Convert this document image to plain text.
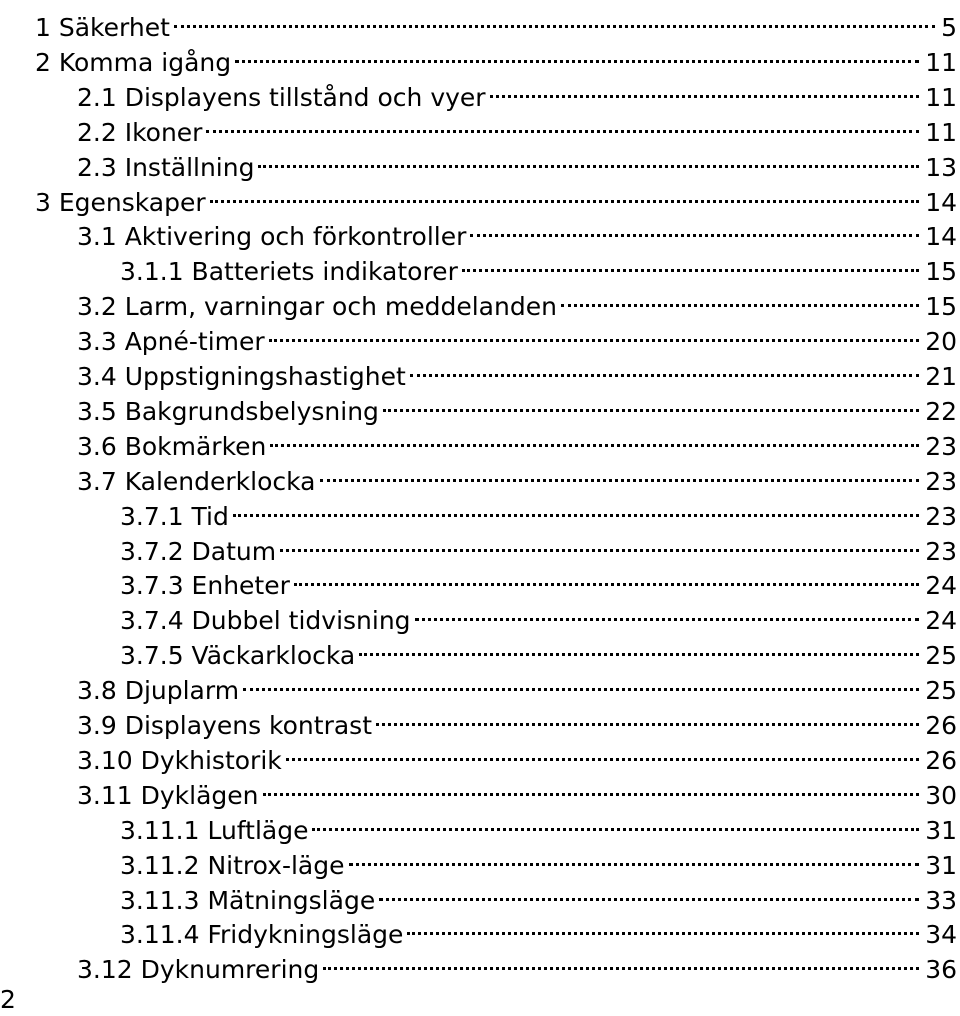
1 Säkerhet	5
2 Komma igång	11
2.1 Displayens tillstånd och vyer	11
2.2 Ikoner	11
2.3 Inställning	13
3 Egenskaper	14
3.1 Aktivering och förkontroller	14
3.1.1 Batteriets indikatorer	15
3.2 Larm, varningar och meddelanden	15
3.3 Apné-timer	20
3.4 Uppstigningshastighet	21
3.5 Bakgrundsbelysning	22
3.6 Bokmärken	23
3.7 Kalenderklocka	23
3.7.1 Tid	23
3.7.2 Datum	23
3.7.3 Enheter	24
3.7.4 Dubbel tidvisning	24
3.7.5 Väckarklocka	25
3.8 Djuplarm	25
3.9 Displayens kontrast	26
3.10 Dykhistorik	26
3.11 Dyklägen	30
3.11.1 Luftläge	31
3.11.2 Nitrox-läge	31
3.11.3 Mätningsläge	33
3.11.4 Fridykningsläge	34
3.12 Dyknumrering	36
2
